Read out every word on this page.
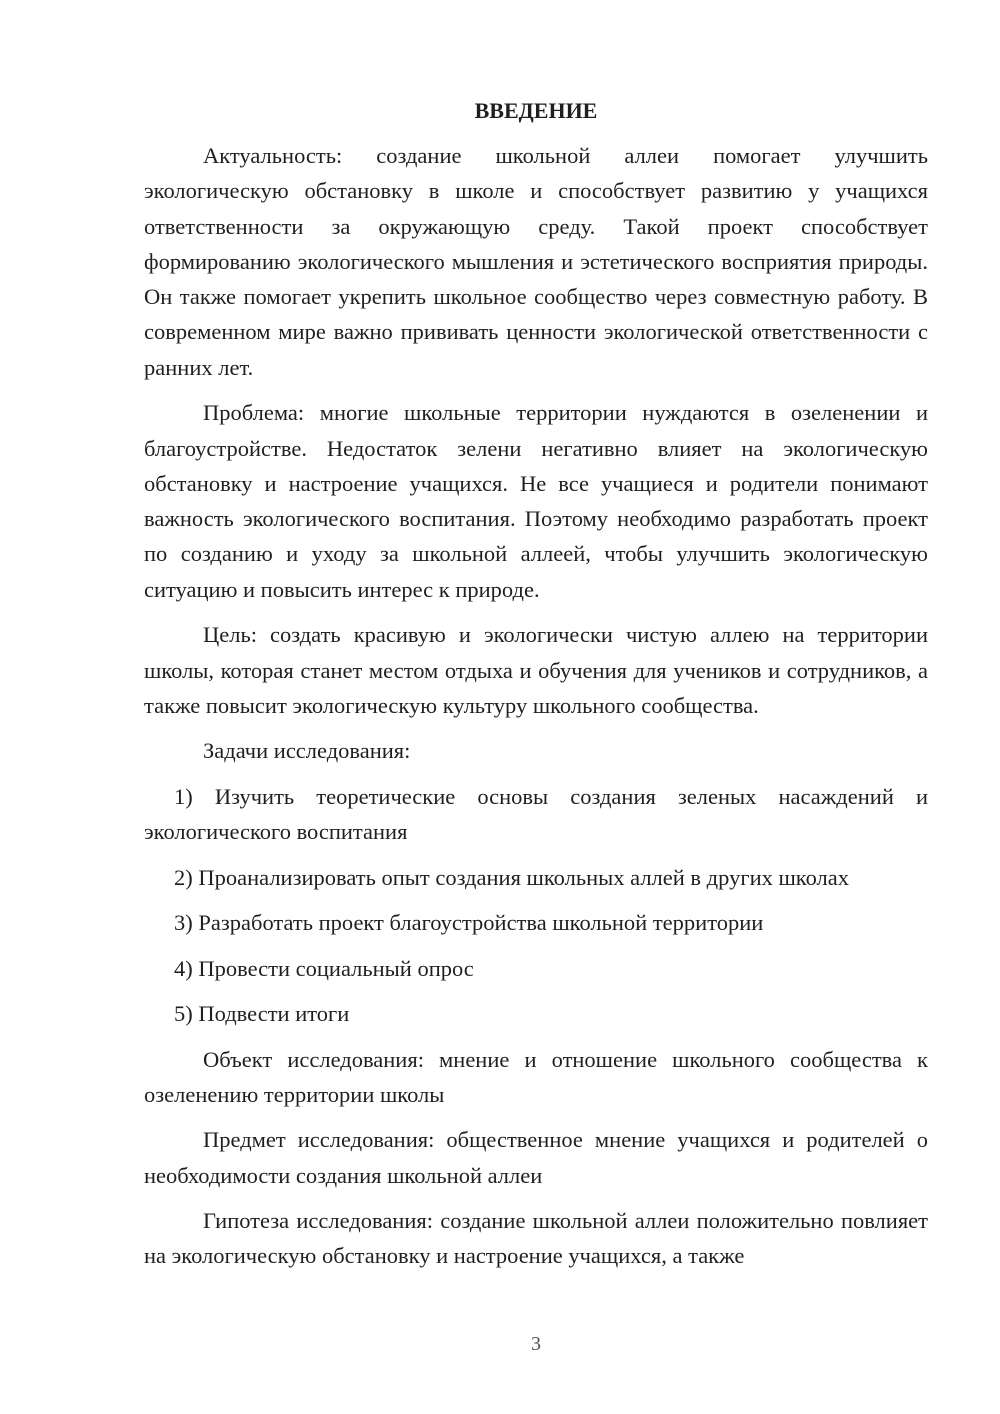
ВВЕДЕНИЕ

Актуальность: создание школьной аллеи помогает улучшить экологическую обстановку в школе и способствует развитию у учащихся ответственности за окружающую среду. Такой проект способствует формированию экологического мышления и эстетического восприятия природы. Он также помогает укрепить школьное сообщество через совместную работу. В современном мире важно прививать ценности экологической ответственности с ранних лет.

Проблема: многие школьные территории нуждаются в озеленении и благоустройстве. Недостаток зелени негативно влияет на экологическую обстановку и настроение учащихся. Не все учащиеся и родители понимают важность экологического воспитания. Поэтому необходимо разработать проект по созданию и уходу за школьной аллеей, чтобы улучшить экологическую ситуацию и повысить интерес к природе.

Цель: создать красивую и экологически чистую аллею на территории школы, которая станет местом отдыха и обучения для учеников и сотрудников, а также повысит экологическую культуру школьного сообщества.

Задачи исследования:

1) Изучить теоретические основы создания зеленых насаждений и экологического воспитания

2) Проанализировать опыт создания школьных аллей в других школах

3) Разработать проект благоустройства школьной территории

4) Провести социальный опрос

5) Подвести итоги

Объект исследования: мнение и отношение школьного сообщества к озеленению территории школы

Предмет исследования: общественное мнение учащихся и родителей о необходимости создания школьной аллеи

Гипотеза исследования: создание школьной аллеи положительно повлияет на экологическую обстановку и настроение учащихся, а также

3
